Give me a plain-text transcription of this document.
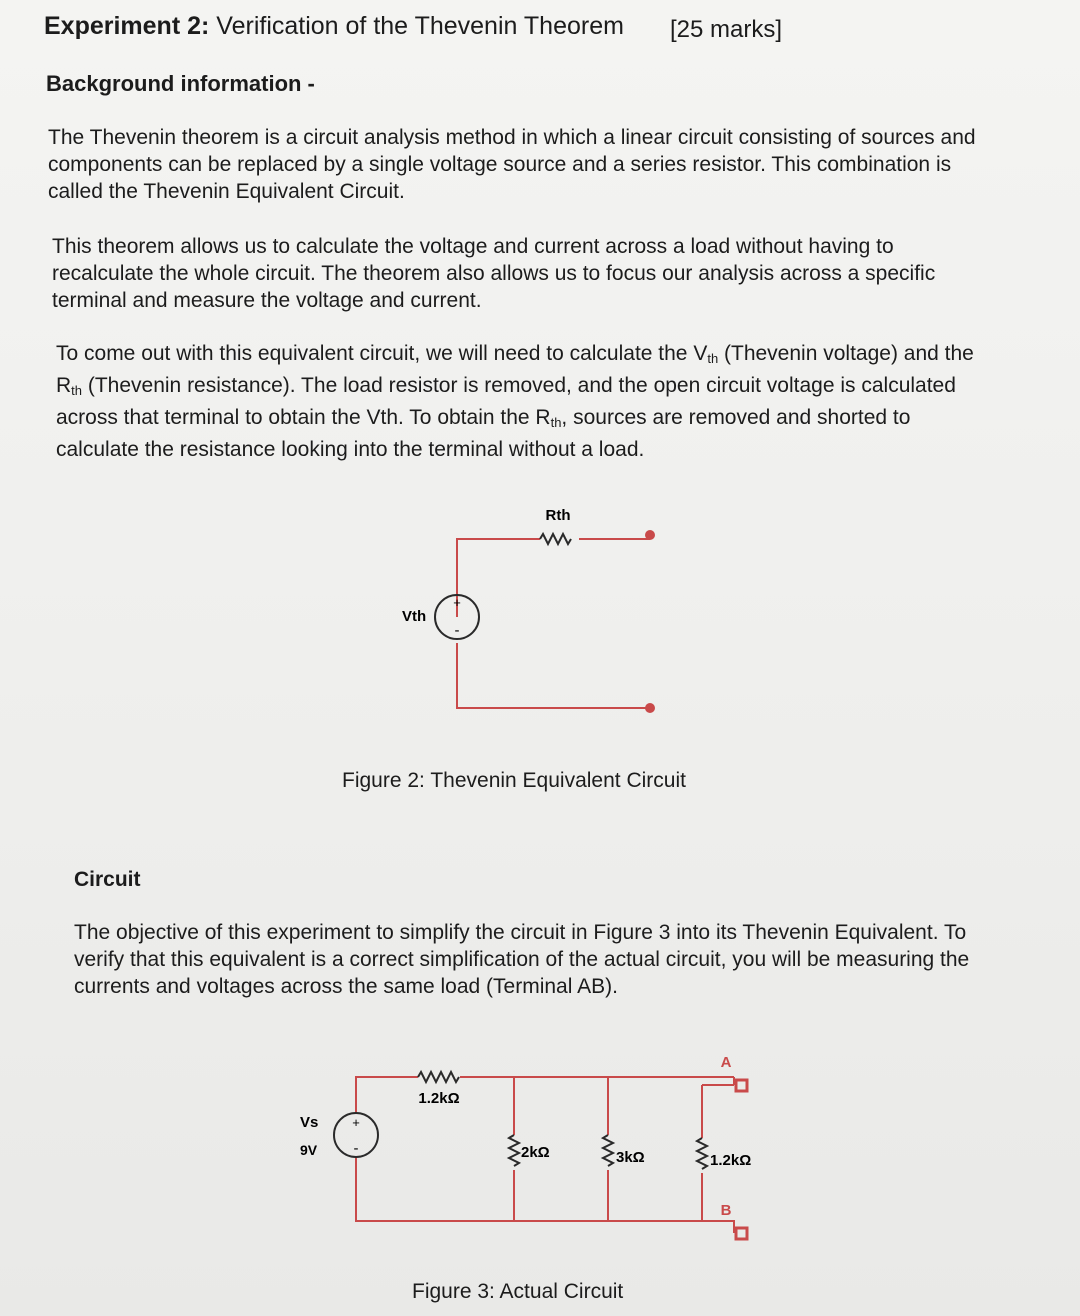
Experiment 2: Verification of the Thevenin Theorem [25 marks]
Background information -

The Thevenin theorem is a circuit analysis method in which a linear circuit consisting of sources and components can be replaced by a single voltage source and a series resistor. This combination is called the Thevenin Equivalent Circuit.

This theorem allows us to calculate the voltage and current across a load without having to recalculate the whole circuit. The theorem also allows us to focus our analysis across a specific terminal and measure the voltage and current.

To come out with this equivalent circuit, we will need to calculate the $V_{th}$ (Thevenin voltage) and the $R_{th}$ (Thevenin resistance). The load resistor is removed, and the open circuit voltage is calculated across that terminal to obtain the Vth. To obtain the $R_{th}$, sources are removed and shorted to calculate the resistance looking into the terminal without a load.

Rth
Vth
+
-
Figure 2: Thevenin Equivalent Circuit
Circuit

The objective of this experiment to simplify the circuit in Figure 3 into its Thevenin Equivalent. To verify that this equivalent is a correct simplification of the actual circuit, you will be measuring the currents and voltages across the same load (Terminal AB).

1.2kΩ
2kΩ	3kΩ	1.2kΩ
Vs
9V
+
-
A
B
Figure 3: Actual Circuit
